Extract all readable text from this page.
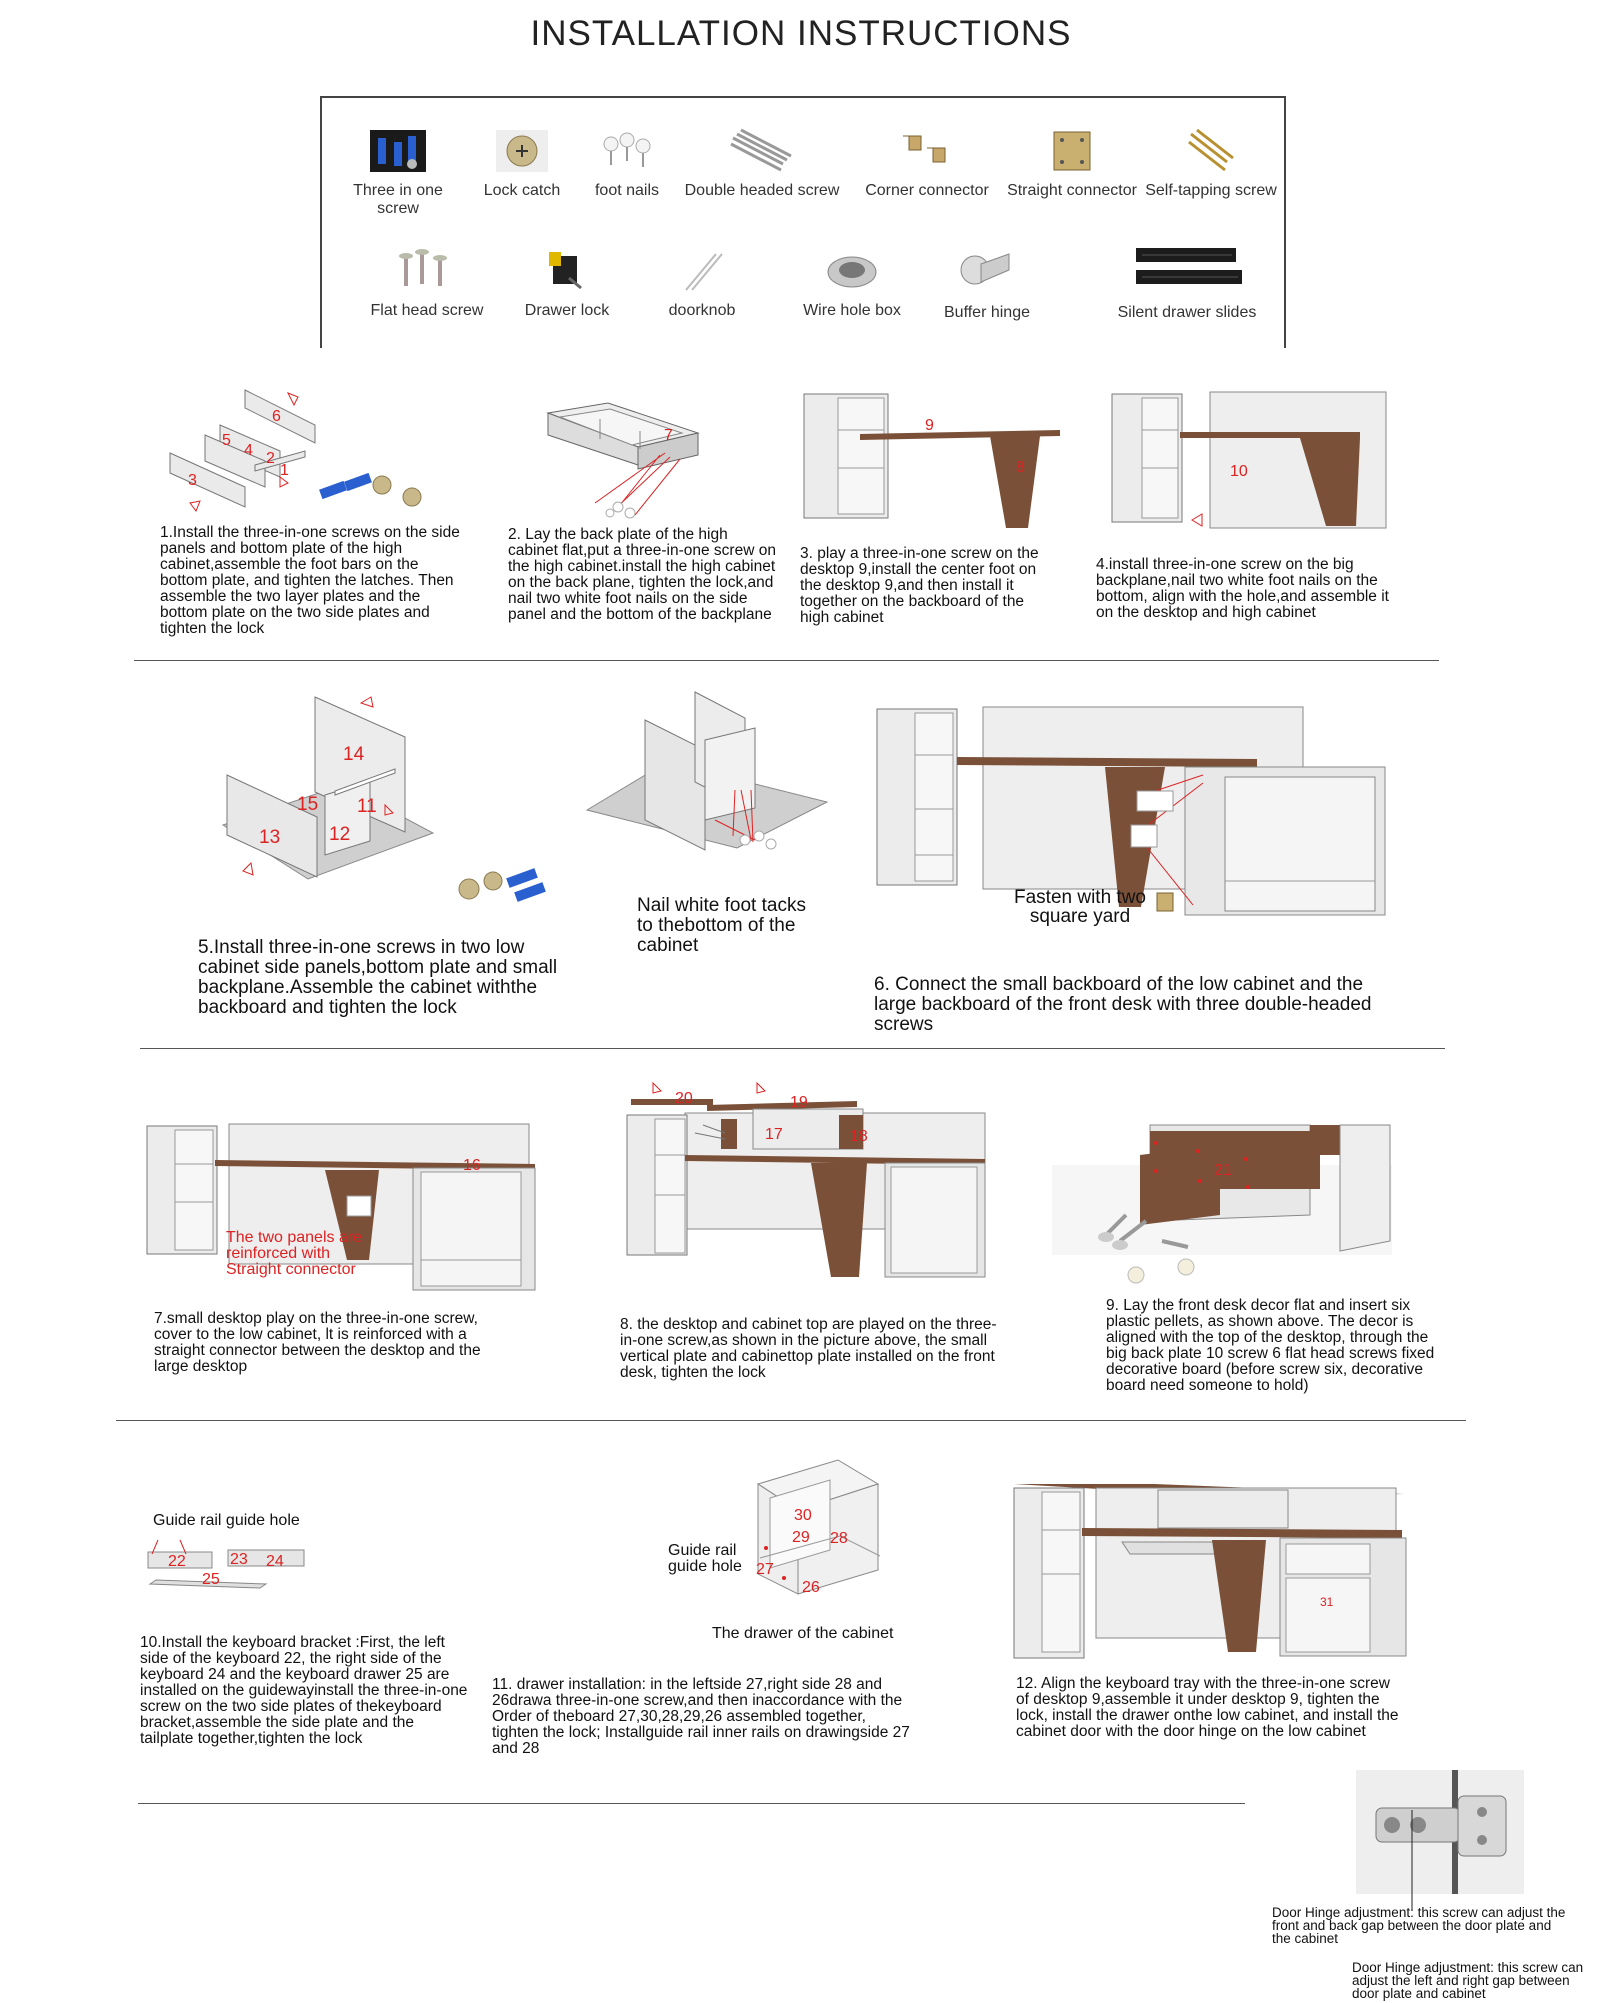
INSTALLATION INSTRUCTIONS
Three in one screw
Lock catch	foot nails	Double headed screw	Corner connector	Straight connector Self-tapping screw
Flat head screw	Drawer lock	doorknob	Wire hole box	Buffer hinge	Silent drawer slides
6
5
4 2
1
3
1.Install the three-in-one screws on the side panels and bottom plate of the high cabinet,assemble the foot bars on the bottom plate, and tighten the latches. Then assemble the two layer plates and the bottom plate on the two side plates and tighten the lock
7
2. Lay the back plate of the high cabinet flat,put a three-in-one screw on the high cabinet.install the high cabinet on the back plane, tighten the lock,and nail two white foot nails on the side panel and the bottom of the backplane
9
8
3. play a three-in-one screw on the desktop 9,install the center foot on the desktop 9,and then install it together on the backboard of the high cabinet
10
4.install three-in-one screw on the big backplane,nail two white foot nails on the bottom, align with the hole,and assemble it on the desktop and high cabinet
14
15 11
13	12
5.Install three-in-one screws in two low cabinet side panels,bottom plate and small backplane.Assemble the cabinet withthe backboard and tighten the lock
Nail white foot tacks to thebottom of the cabinet
Fasten with two square yard
6. Connect the small backboard of the low cabinet and the large backboard of the front desk with three double-headed screws
16
The two panels are reinforced with Straight connector
7.small desktop play on the three-in-one screw, cover to the low cabinet, lt is reinforced with a straight connector between the desktop and the large desktop
20	19
17	18
8. the desktop and cabinet top are played on the three-in-one screw,as shown in the picture above, the small vertical plate and cabinettop plate installed on the front desk, tighten the lock
21
9. Lay the front desk decor flat and insert six plastic pellets, as shown above. The decor is aligned with the top of the desktop, through the big back plate 10 screw 6 flat head screws fixed decorative board (before screw six, decorative board need someone to hold)
Guide rail guide hole
22	23 24
25
10.Install the keyboard bracket :First, the left side of the keyboard 22, the right side of the keyboard 24 and the keyboard drawer 25 are installed on the guidewayinstall the three-in-one screw on the two side plates of thekeyboard bracket,assemble the side plate and the tailplate together,tighten the lock
30
29 28
27
26
Guide rail guide hole
The drawer of the cabinet
11. drawer installation: in the leftside 27,right side 28 and 26drawa three-in-one screw,and then inaccordance with the Order of theboard 27,30,28,29,26 assembled together, tighten the lock; Installguide rail inner rails on drawingside 27 and 28
31
12. Align the keyboard tray with the three-in-one screw of desktop 9,assemble it under desktop 9, tighten the lock, install the drawer onthe low cabinet, and install the cabinet door with the door hinge on the low cabinet
Door Hinge adjustment: this screw can adjust the front and back gap between the door plate and the cabinet
Door Hinge adjustment: this screw can adjust the left and right gap between door plate and cabinet
